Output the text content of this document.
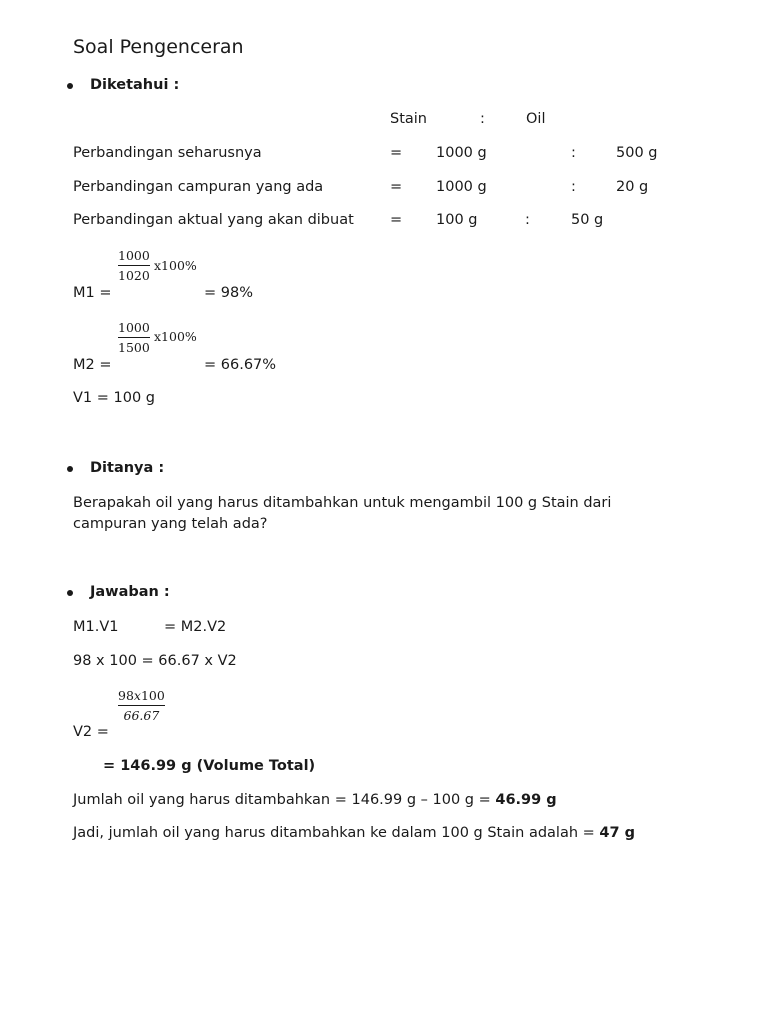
Soal Pengenceran
Diketahui :
Stain	:	Oil
Perbandingan seharusnya	= 1000 g	:	500 g
Perbandingan campuran yang ada	= 1000 g	:	20 g
Perbandingan aktual yang akan dibuat = 100 g	:	50 g
1000
1020
x100%
M1 =	= 98%
1000
1500
x100%
M2 =	= 66.67%
V1 = 100 g
Ditanya :
Berapakah oil yang harus ditambahkan untuk mengambil 100 g Stain dari campuran yang telah ada?
Jawaban :
M1.V1	= M2.V2
98 x 100 = 66.67 x V2
98x100
66.67
V2 =
= 146.99 g (Volume Total)
Jumlah oil yang harus ditambahkan = 146.99 g – 100 g = 46.99 g
Jadi, jumlah oil yang harus ditambahkan ke dalam 100 g Stain adalah = 47 g
